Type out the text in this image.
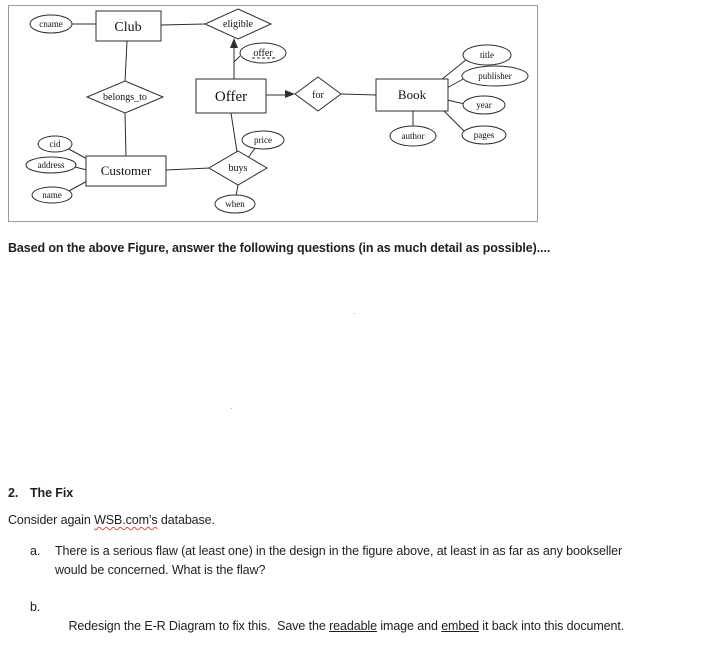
cname	Club	eligible
offer
belongs_to	Offer	for	Book
title
publisher
year
pages
author
cid
address
name
Customer	buys
price
when
Based on the above Figure, answer the following questions (in as much detail as possible)....
.
.
2. The Fix
Consider again WSB.com’s database.
a. There is a serious flaw (at least one) in the design in the figure above, at least in as far as any bookseller
would be concerned. What is the flaw?
b.

Redesign the E-R Diagram to fix this.  Save the readable image and embed it back into this document.
